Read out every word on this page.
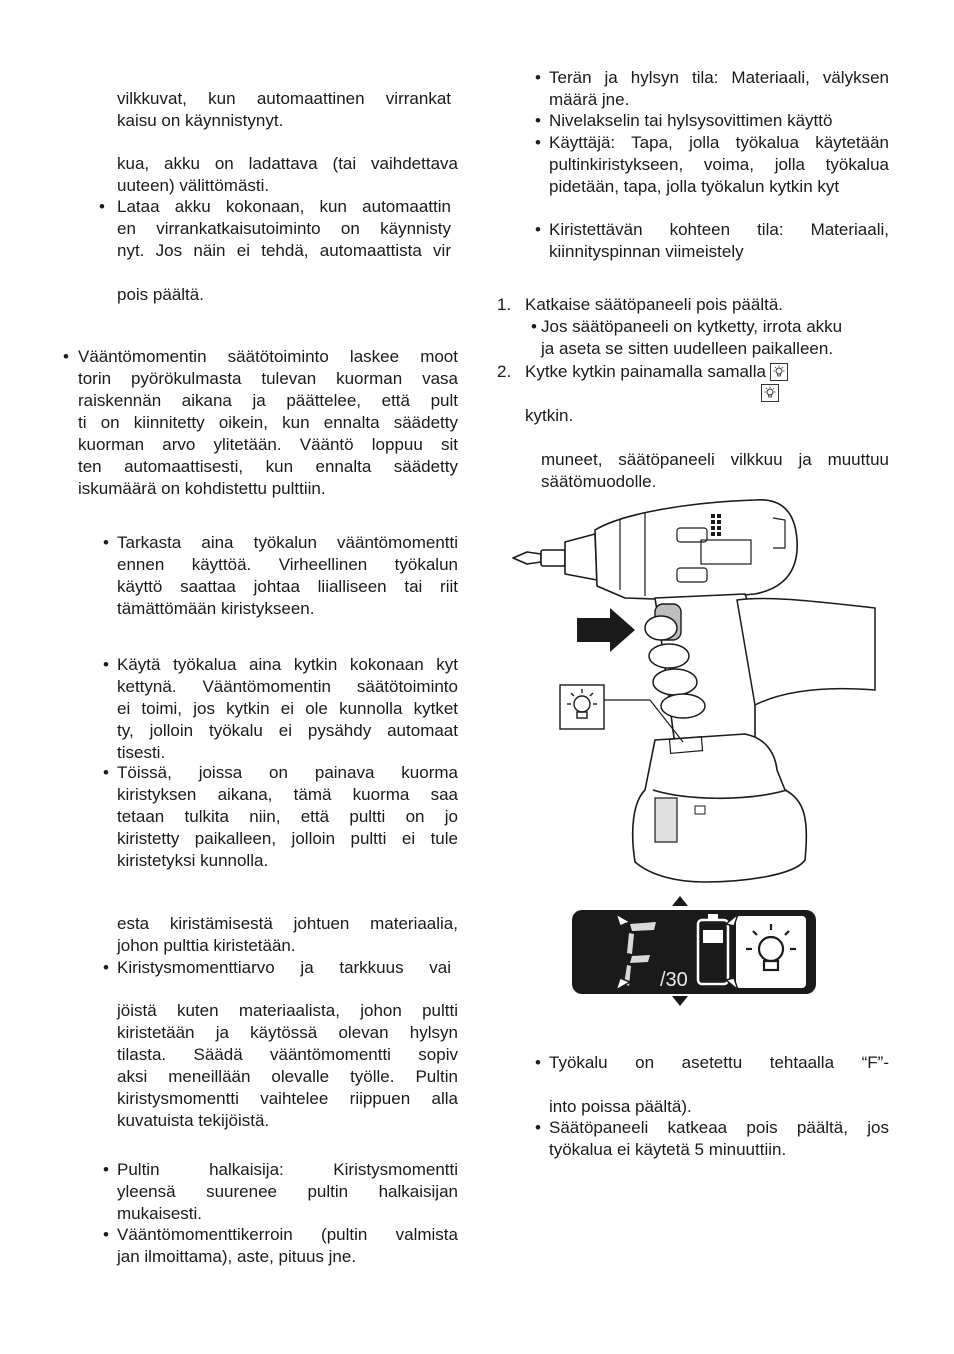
vilkkuvat, kun automaattinen virrankat
kaisu on käynnistynyt.
kua, akku on ladattava (tai vaihdettava
uuteen) välittömästi.
• Lataa akku kokonaan, kun automaattin
en virrankatkaisutoiminto on käynnisty
nyt. Jos näin ei tehdä, automaattista vir
pois päältä.
• Vääntömomentin säätötoiminto laskee moot
torin pyörökulmasta tulevan kuorman vasa
raiskennän aikana ja päättelee, että pult
ti on kiinnitetty oikein, kun ennalta säädetty
kuorman arvo ylitetään. Vääntö loppuu sit
ten automaattisesti, kun ennalta säädetty
iskumäärä on kohdistettu pulttiin.
• Tarkasta aina työkalun vääntömomentti
ennen käyttöä. Virheellinen työkalun
käyttö saattaa johtaa liialliseen tai riit
tämättömään kiristykseen.
• Käytä työkalua aina kytkin kokonaan kyt
kettynä. Vääntömomentin säätötoiminto
ei toimi, jos kytkin ei ole kunnolla kytket
ty, jolloin työkalu ei pysähdy automaat
tisesti.
• Töissä, joissa on painava kuorma
kiristyksen aikana, tämä kuorma saa
tetaan tulkita niin, että pultti on jo
kiristetty paikalleen, jolloin pultti ei tule
kiristetyksi kunnolla.
esta kiristämisestä johtuen materiaalia,
johon pulttia kiristetään.
• Kiristysmomenttiarvo ja tarkkuus vai
jöistä kuten materiaalista, johon pultti
kiristetään ja käytössä olevan hylsyn
tilasta. Säädä vääntömomentti sopiv
aksi meneillään olevalle työlle. Pultin
kiristysmomentti vaihtelee riippuen alla
kuvatuista tekijöistä.
• Pultin halkaisija: Kiristysmomentti
yleensä suurenee pultin halkaisijan
mukaisesti.
• Vääntömomenttikerroin (pultin valmista
jan ilmoittama), aste, pituus jne.
• Terän ja hylsyn tila: Materiaali, välyksen
määrä jne.
• Nivelakselin tai hylsysovittimen käyttö
• Käyttäjä: Tapa, jolla työkalua käytetään
pultinkiristykseen, voima, jolla työkalua
pidetään, tapa, jolla työkalun kytkin kyt
• Kiristettävän kohteen tila: Materiaali,
kiinnityspinnan viimeistely
1. Katkaise säätöpaneeli pois päältä.
• Jos säätöpaneeli on kytketty, irrota akku
ja aseta se sitten uudelleen paikalleen.
2. Kytke kytkin painamalla samalla
kytkin.
muneet, säätöpaneeli vilkkuu ja muuttuu
säätömuodolle.
/30
• Työkalu on asetettu tehtaalla “F”-
into poissa päältä).
• Säätöpaneeli katkeaa pois päältä, jos
työkalua ei käytetä 5 minuuttiin.
